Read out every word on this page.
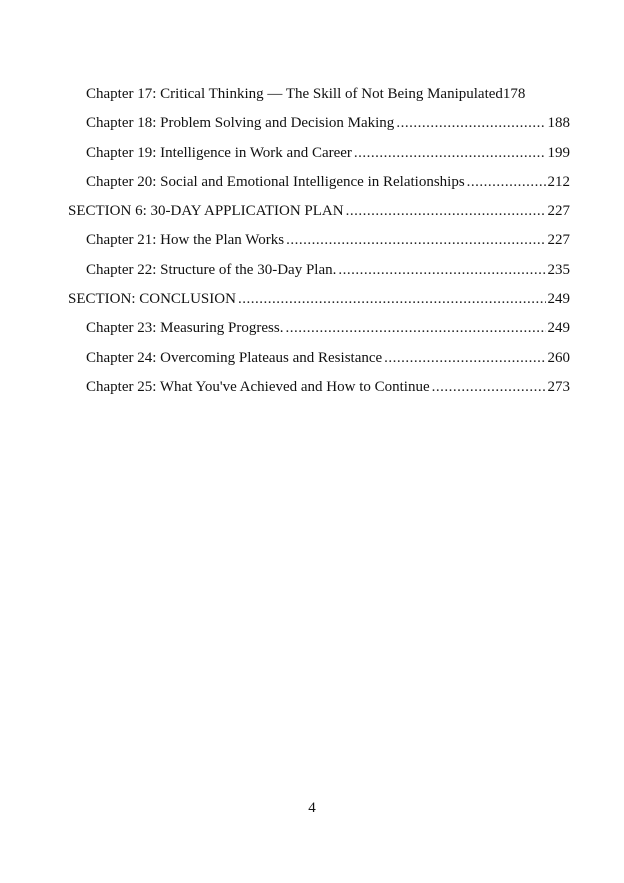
Chapter 17: Critical Thinking — The Skill of Not Being Manipulated 178
Chapter 18: Problem Solving and Decision Making .....	188
Chapter 19: Intelligence in Work and Career .....	199
Chapter 20: Social and Emotional Intelligence in Relationships .....	212
SECTION 6: 30-DAY APPLICATION PLAN .....	227
Chapter 21: How the Plan Works .....	227
Chapter 22: Structure of the 30-Day Plan. .....	235
SECTION: CONCLUSION .....	249
Chapter 23: Measuring Progress. .....	249
Chapter 24: Overcoming Plateaus and Resistance .....	260
Chapter 25: What You've Achieved and How to Continue .....	273
4
